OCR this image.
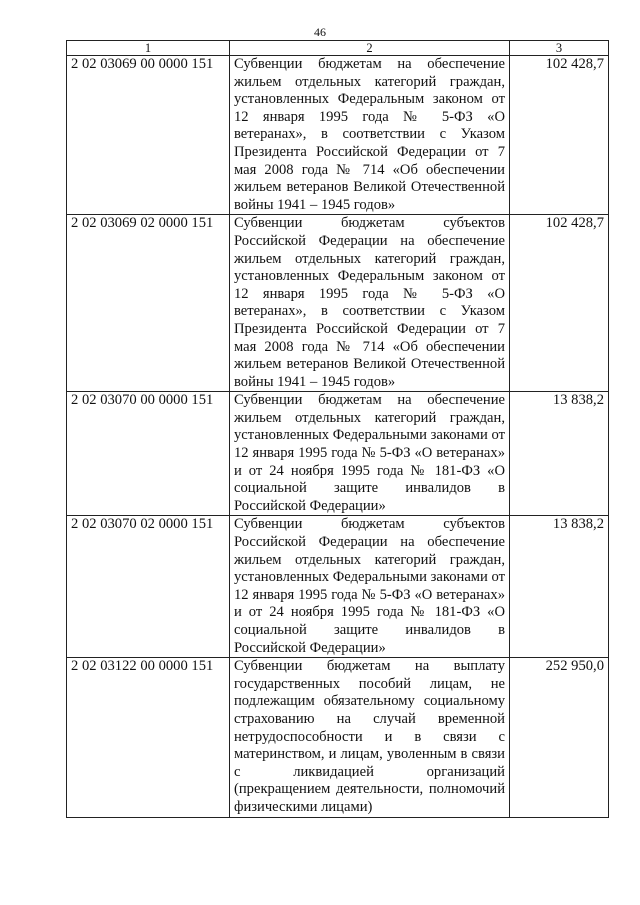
46
1	2	3
2 02 03069 00 0000 151	Субвенции бюджетам на обеспечение жильем отдельных категорий граждан, установленных Федеральным законом от 12 января 1995 года № 5-ФЗ «О ветеранах», в соответствии с Указом Президента Российской Федерации от 7 мая 2008 года № 714 «Об обеспечении жильем ветеранов Великой Отечественной войны 1941 – 1945 годов»	102 428,7
2 02 03069 02 0000 151	Субвенции бюджетам субъектов Российской Федерации на обеспечение жильем отдельных категорий граждан, установленных Федеральным законом от 12 января 1995 года № 5-ФЗ «О ветеранах», в соответствии с Указом Президента Российской Федерации от 7 мая 2008 года № 714 «Об обеспечении жильем ветеранов Великой Отечественной войны 1941 – 1945 годов»	102 428,7
2 02 03070 00 0000 151	Субвенции бюджетам на обеспечение жильем отдельных категорий граждан, установленных Федеральными законами от 12 января 1995 года № 5-ФЗ «О ветеранах» и от 24 ноября 1995 года № 181-ФЗ «О социальной защите инвалидов в Российской Федерации»	13 838,2
2 02 03070 02 0000 151	Субвенции бюджетам субъектов Российской Федерации на обеспечение жильем отдельных категорий граждан, установленных Федеральными законами от 12 января 1995 года № 5-ФЗ «О ветеранах» и от 24 ноября 1995 года № 181-ФЗ «О социальной защите инвалидов в Российской Федерации»	13 838,2
2 02 03122 00 0000 151	Субвенции бюджетам на выплату государственных пособий лицам, не подлежащим обязательному социальному страхованию на случай временной нетрудоспособности и в связи с материнством, и лицам, уволенным в связи с ликвидацией организаций (прекращением деятельности, полномочий физическими лицами)	252 950,0
